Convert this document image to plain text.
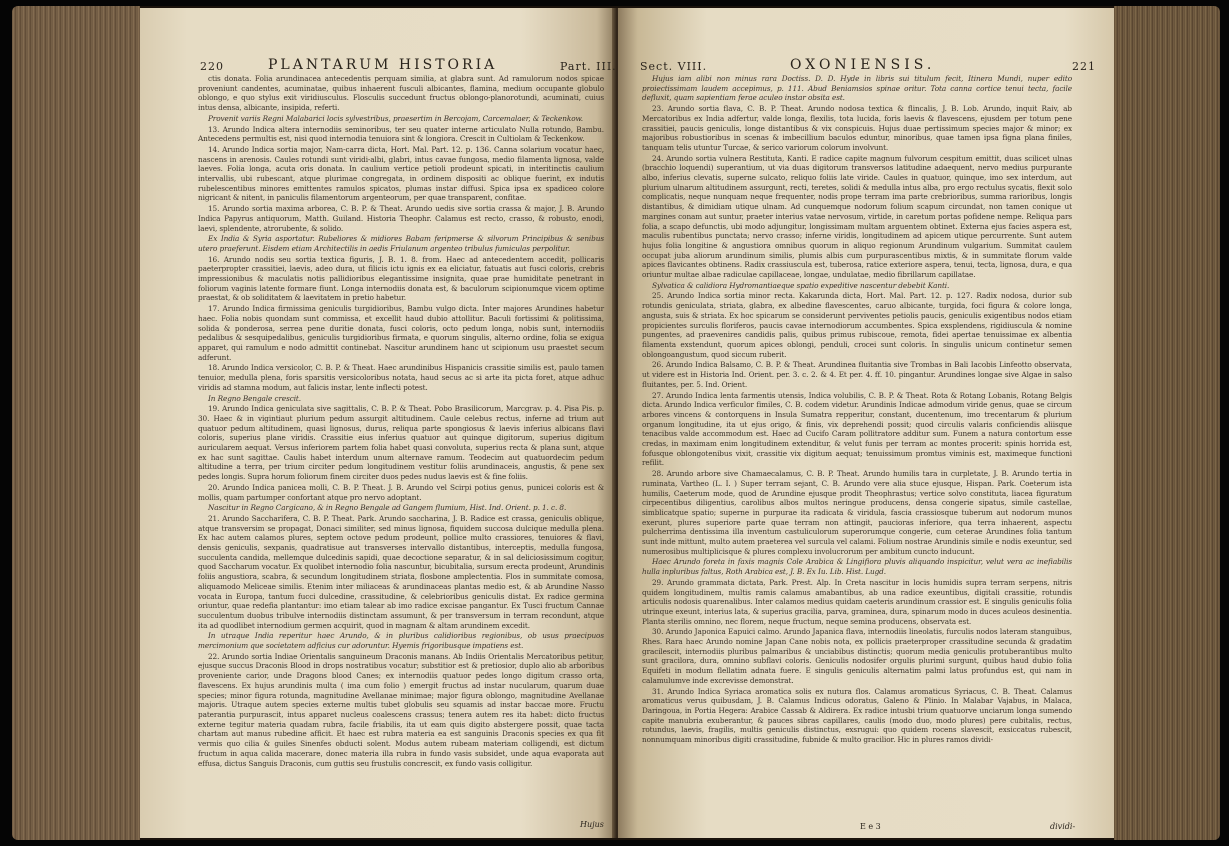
220	PLANTARUM HISTORIA	Part. III. Sect. VIII.	OXONIENSIS.	221

ctis donata. Folia arundinacea antecedentis perquam similia, at glabra sunt. Ad ramulorum nodos spicae proveniunt candentes, acuminatae, quibus inhaerent fusculi albicantes, flamina, medium occupante globulo oblongo, e quo stylus exit viridiusculus. Flosculis succedunt fructus oblongo-planorotundi, acuminati, cuius intus densa, albicante, insipida, referti.

Provenit variis Regni Malabarici locis sylvestribus, praesertim in Bercojam, Carcemalaer, & Teckenkow.

13. Arundo Indica altera internodiis seminoribus, ter seu quater interne articulato Nulla rotundo, Bambu. Antecedens permultis est, nisi quod internodia tenuiora sint & longiora. Crescit in Cultiolam & Teckenkow.

14. Arundo Indica sortia major, Nam-carra dicta, Hort. Mal. Part. 12. p. 136. Canna solarium vocatur haec, nascens in arenosis. Caules rotundi sunt viridi-albi, glabri, intus cavae fungosa, medio filamenta lignosa, valde laeves. Folia longa, acuta oris donata. In caulium vertice petioli prodeunt spicati, in interitinctis caulium intervallis, ubi rubescant, atque plurimae congregata, in ordinem dispositi ac oblique fuerint, ex indutis rubelescentibus minores emittentes ramulos spicatos, plumas instar diffusi. Spica ipsa ex spadiceo colore nigricant & nitent, in paniculis filamentorum argenteorum, per quae transparent, confitae.

15. Arundo sortia maxima arborea, C. B. P. & Theat. Arundo uedis sive sortia crassa & major, J. B. Arundo Indica Papyrus antiquorum, Matth. Guiland. Historia Theophr. Calamus est recto, crasso, & robusto, enodi, laevi, splendente, atrorubente, & solido.

Ex India & Syria asportatur. Rubeliores & midiores Babam feripmerse & silvorum Principibus & senibus utero praeferunt. Eisdem etiam Architectilis in aedis Friulanum argenteo tribulus fumiculas perpolitur.

16. Arundo nodis seu sortia textica figuris, J. B. 1. 8. from. Haec ad antecedentem accedit, pollicaris paeterpropter crassitiei, laevis, adeo dura, ut filicis ictu ignis ex ea eliciatur, fatuatis aut fusci coloris, crebris impressionibus & maculatis notis pallidioribus elegantissime insignita, quae prae humiditate penetrant in foliorum vaginis latente formare fiunt. Longa internodiis donata est, & baculorum scipionumque vicem optime praestat, & ob soliditatem & laevitatem in pretio habetur.

17. Arundo Indica firmissima geniculis turgidioribus, Bambu vulgo dicta. Inter majores Arundines habetur haec. Folia nobis quondam sunt commissa, et excellit haud dubio attollitur. Baculi fortissimi & politissima, solida & ponderosa, serrea pene duritie donata, fusci coloris, octo pedum longa, nobis sunt, internodiis pedalibus & sesquipedalibus, geniculis turgidioribus firmata, e quorum singulis, alterno ordine, folia se exigua apparet, qui ramulum e nodo admittit continebat. Nascitur arundinem hanc ut scipionum usu praestet secum adferunt.

18. Arundo Indica versicolor, C. B. P. & Theat. Haec arundinibus Hispanicis crassitie similis est, paulo tamen tenuior, medulla plena, foris sparsitis versicoloribus notata, haud secus ac si arte ita picta foret, atque adhuc viridis ad stamna modum, aut falicis instar, lente inflecti potest.

In Regno Bengale crescit.

19. Arundo Indica geniculata sive sagittalis, C. B. P. & Theat. Pobo Brasilicorum, Marcgrav. p. 4. Pisa Pis. p. 30. Haec & in vigintiaut plurium pedum assurgit altitudinem. Caule celebus rectus, inferne ad trium aut quatuor pedum altitudinem, quasi lignosus, durus, reliqua parte spongiosus & laevis inferius albicans flavi coloris, superius plane viridis. Crassitie eius inferius quatuor aut quinque digitorum, superius digitum auricularem aequat. Versus inferiorem partem folia habet quasi convoluta, superius recta & plana sunt, atque ex hac sunt sagittae. Caulis habet interdum unum alternave ramum. Teodecim aut quatuordecim pedum altitudine a terra, per trium circiter pedum longitudinem vestitur foliis arundinaceis, angustis, & pene sex pedes longis. Supra horum foliorum finem circiter duos pedes nudus laevis est & fine foliis.

20. Arundo Indica panicea molli, C. B. P. Theat. J. B. Arundo vel Scirpi potius genus, punicei coloris est & mollis, quam partumper confortant atque pro nervo adoptant.

Nascitur in Regno Cargicano, & in Regno Bengale ad Gangem flumium, Hist. Ind. Orient. p. 1. c. 8.

21. Arundo Saccharifera, C. B. P. Theat. Park. Arundo saccharina, J. B. Radice est crassa, geniculis oblique, atque transversim se propagat, Donaci similiter, sed minus lignosa, fiquidem succosa dulcique medulla plena. Ex hac autem calamos plures, septem octove pedum prodeunt, pollice multo crassiores, tenuiores & flavi, densis geniculis, sexpanis, quadratisue aut transverses intervallo distantibus, interceptis, medulla fungosa, succulenta candida, mellemque dulcedinis sapidi, quae decoctione separatur, & in sal deliciosissimum cogitur, quod Saccharum vocatur. Ex quolibet internodio folia nascuntur, bicubitalia, sursum erecta prodeunt, Arundinis foliis angustiora, scabra, & secundum longitudinem striata, flosbone amplectentia. Flos in summitate comosa, aliquamodo Meliceae similis. Etenim inter miliaceas & arundinaceas plantas medio est, & ab Arundine Nasso vocata in Europa, tantum fucci dulcedine, crassitudine, & celebrioribus geniculis distat. Ex radice germina oriuntur, quae redefia plantantur: imo etiam talear ab imo radice excisae pangantur. Ex Tusci fructum Cannae succulentum duobus tribulve internodiis distinctam assumunt, & per transversum in terram recondunt, atque ita ad quodlibet internodium germen acquirit, quod in magnam & altam arundinem excedit.

In utraque India reperitur haec Arundo, & in pluribus calidioribus regionibus, ob usus praecipuos mercimonium que societatem adficius cur adoruntur. Hyemis frigoribusque impatiens est.

22. Arundo sortia Indiae Orientalis sanguineum Draconis manans. Ab Indiis Orientalis Mercatoribus petitur, ejusque succus Draconis Blood in drops nostratibus vocatur; substitior est & pretiosior, duplo alio ab arboribus proveniente carior, unde Dragons blood Canes; ex internodiis quatuor pedes longo digitum crasso orta, flavescens. Ex hujus arundinis multa ( ima cum folio ) emergit fructus ad instar nucularum, quarum duae species; minor figura rotunda, magnitudine Avellanae minimae; major figura oblongo, magnitudine Avellanae majoris. Utraque autem species externe multis tubet globulis seu squamis ad instar baccae more. Fructu paterantia purpurascit, intus apparet nucleus coalescens crassus; tenera autem res ita habet: dicto fructus externe tegitur materia quadam rubra, facile friabilis, ita ut eam quis digito abstergere possit, quae tacta chartam aut manus rubedine afficit. Et haec est rubra materia ea est sanguinis Draconis species ex qua fit vermis quo cilia & guiles Sinenfes obducti solent. Modus autem rubeam materiam colligendi, est dictum fructum in aqua calida macerare, donec materia illa rubra in fundo vasis subsidet, unde aqua evaporata aut effusa, dictus Sanguis Draconis, cum guttis seu frustulis concrescit, ex fundo vasis colligitur.

Hujus iam alibi non minus rara Doctiss. D. D. Hyde in libris sui titulum fecit, Itinera Mundi, nuper edito proiectissimam laudem accepimus, p. 111. Abud Beniamsios spinae oritur. Tota canna cortice tenui tecta, facile defluxit, quam sapientiam ferae aculeo instar obsita est.

23. Arundo sortia flava, C. B. P. Theat. Arundo nodosa textica & flincalis, J. B. Lob. Arundo, inquit Raiv, ab Mercatoribus ex India adfertur, valde longa, flexilis, tota lucida, foris laevis & flavescens, ejusdem per totum pene crassitiei, paucis geniculis, longe distantibus & vix conspicuis. Hujus duae pertissimum species major & minor; ex majoribus robustioribus in scenas & imbecillium baculos eduntur, minoribus, quae tamen ipsa figna plana finiles, tanquam telis utuntur Turcae, & serico variorum colorum involvunt.

24. Arundo sortia vulnera Restituta, Kanti. E radice capite magnum fulvorum cespitum emittit, duas scilicet ulnas (bracchio loquendi) superantium, ut via duas digitorum transversos latitudine adaequent, nervo medius purpurante albo, inferius clevatis, superne sulcato, reliquo foliis late viride. Caules in quatuor, quinque, imo sex interdum, aut plurium ulnarum altitudinem assurgunt, recti, teretes, solidi & medulla intus alba, pro ergo rectulus sycatis, flexit solo complicatis, neque nunquam neque frequenter, nodis prope terram ima parte crebrioribus, summa rarioribus, longis distantibus, & dimidiam utique ulnam. Ad cunquemque nodorum folium scapum circundat, non tamen conique ut margines conam aut suntur, praeter interius vatae nervosum, virtide, in caretum portas pofidene nempe. Reliqua pars folia, a scapo defunctis, ubi modo adjungitur, longissimam multam arguentem obtinet. Externa ejus facies aspera est, maculis rubentibus punctata; nervo crasso; inferne viridis, longitudinem ad apicem utique percurrente. Sunt autem hujus folia longitine & angustiora omnibus quorum in aliquo regionum Arundinum vulgarium. Summitat caulem occupat juba aliorum arundinum similis, plumis albis cum purpurascentibus mixtis, & in summitate florum valde apices flavicantes obtinens. Radix crassiuscula est, tuberosa, ratice exteriore aspera, tenui, tecta, lignosa, dura, e qua oriuntur multae albae radiculae capillaceae, longae, undulatae, medio fibrillarum capillatae.

Sylvatica & calidiora Hydromantiaeque spatio expeditive nascentur debebit Kanti.

25. Arundo Indica sortia minor recta. Kakarunda dicta, Hort. Mal. Part. 12. p. 127. Radix nodosa, durior sub rotundis geniculata, striata, glabra, ex albedine flavescentes, caruo albicante, turgida, foci figura & colore longa, angusta, suis & striata. Ex hoc spicarum se considerunt perviventes petiolis paucis, geniculis exigentibus nodos etiam propicientes surculis floriferos, paucis cavae internodiorum accumbentes. Spica exsplendens, rigidiuscula & nomine pungentes, ad praevenires candidis palis, quibus primus rubiscoue, remota, fidei apertae tenuissimae ex albentia filamenta exstendunt, quorum apices oblongi, penduli, crocei sunt coloris. In singulis unicum continetur semen oblongoangustum, quod siccum ruberit.

26. Arundo Indica Balsamo, C. B. P. & Theat. Arundinea fluitantia sive Trombas in Bali Iacobis Linfeotto observata, ut videre est in Historia Ind. Orient. per. 3. c. 2. & 4. Et per. 4. ff. 10. pingantur. Arundines longae sive Algae in salso fluitantes, per. 5. Ind. Orient.

27. Arundo Indica lenta farmentis utensis, Indica volubilis, C. B. P. & Theat. Rota & Rotang Lobanis, Rotang Belgis dicta. Arundo Indica verficulor fimiles, C. B. codem videtur. Arundinis Indicae admodum viride genus, quae se circum arbores vincens & contorquens in Insula Sumatra repperitur, constant, ducentenum, imo trecentarum & plurium organum longitudine, ita ut ejus origo, & finis, vix deprehendi possit; quod circulis valaris conficiendis aliisque tenacibus valde accommodum est. Haec ad Cucifo Caram pollitratore additur sum. Funem a natura contortum esse credas, in maximam enim longitudinem extenditur, & velut funis per terram ac montes procerit: spinis horrida est, fofusque oblongotenibus vixit, crassitie vix digitum aequat; tenuissimum promtus viminis est, maximeque functioni refilit.

28. Arundo arbore sive Chamaecalamus, C. B. P. Theat. Arundo humilis tara in curpletate, J. B. Arundo tertia in ruminata, Vartheo (L. I. ) Super terram sejant, C. B. Arundo vere alia stuce ejusque, Hispan. Park. Coeterum ista humilis, Caeterum mode, quod de Arundine ejusque prodit Theophrastus; vertice solvo constituta, liacea figuratum cirpecentibus diligentius, carolibus albos multos neringue producens, densa congerie sipatus, simile castellae, simblicatque spatio; superne in purpurae ita radicata & viridula, fascia crassiosque tuberum aut nodorum munos exerunt, plures superiore parte quae terram non attingit, paucioras inferiore, qua terra inhaerent, aspectu pulcherrima dentissima illa inventum castuliculorum superorumque congerie, cum ceterae Arundines folia tantum sunt inde mittunt, multo autem praeterea vel surcula vel calami. Folium nostrae Arundinis simile e nodis exeuntur, sed numerosibus multiplicisque & plures complexu involucrorum per ambitum cuncto inducunt.

Haec Arundo foreta in faxis magnis Cole Arabica & Lingifiora pluvis aliquando inspicitur, velut vera ac inefiabilis hulla inpluribus faltus, Roth Arabica est, J. B. Ex Iu. Lib. Hist. Lugd.

29. Arundo grammata dictata, Park. Prest. Alp. In Creta nascitur in locis humidis supra terram serpens, nitris quidem longitudinem, multis ramis calamus amabantibus, ab una radice exeuntibus, digitali crassitie, rotundis articulis nodosis quarenalibus. Inter calamos medius quidam caeteris arundinum crassior est. E singulis geniculis folia utrinque exeunt, interius lata, & superius gracilia, parva, graminea, dura, spinarum modo in duces aculeos desinentia. Planta sterilis omnino, nec florem, neque fructum, neque semina producens, observata est.

30. Arundo Japonica Eapuici calmo. Arundo Japanica flava, internodiis lineolatis, furculis nodos lateram stanguibus, Rhes. Rara haec Arundo nomine Japan Cane nobis nota, ex pollicis praeterproper crassitudine secunda & gradatim gracilescit, internodiis pluribus palmaribus & unciabibus distinctis; quorum media geniculis protuberantibus multo sunt gracilora, dura, omnino subflavi coloris. Geniculis nodosifer orgulis plurimi surgunt, quibus haud dubio folia Equifeti in modum flellatim adnata fuere. E singulis geniculis alternatim palmi latus profundus est, qui nam in calamulumve inde excrevisse demonstrat.

31. Arundo Indica Syriaca aromatica solis ex nutura flos. Calamus aromaticus Syriacus, C. B. Theat. Calamus aromaticus verus quibusdam, J. B. Calamus Indicus odoratus, Galeno & Plinio. In Malabar Vajabus, in Malaca, Daringoua, in Portia Hegera: Arabice Cassab & Aldirera. Ex radice intusbi trium quatuorve unciarum longa sumendo capite manubria exuberantur, & pauces sibras capillares, caulis (modo duo, modo plures) pere cubitalis, rectus, rotundus, laevis, fragilis, multis geniculis distinctus, exsrugui: quo quidem rocens slavescit, exsiccatus rubescit, nonnumquam minoribus digiti crassitudine, fubnide & multo gracilior. Hic in plures ramos dividi-

Hujus	E e 3	dividi-
